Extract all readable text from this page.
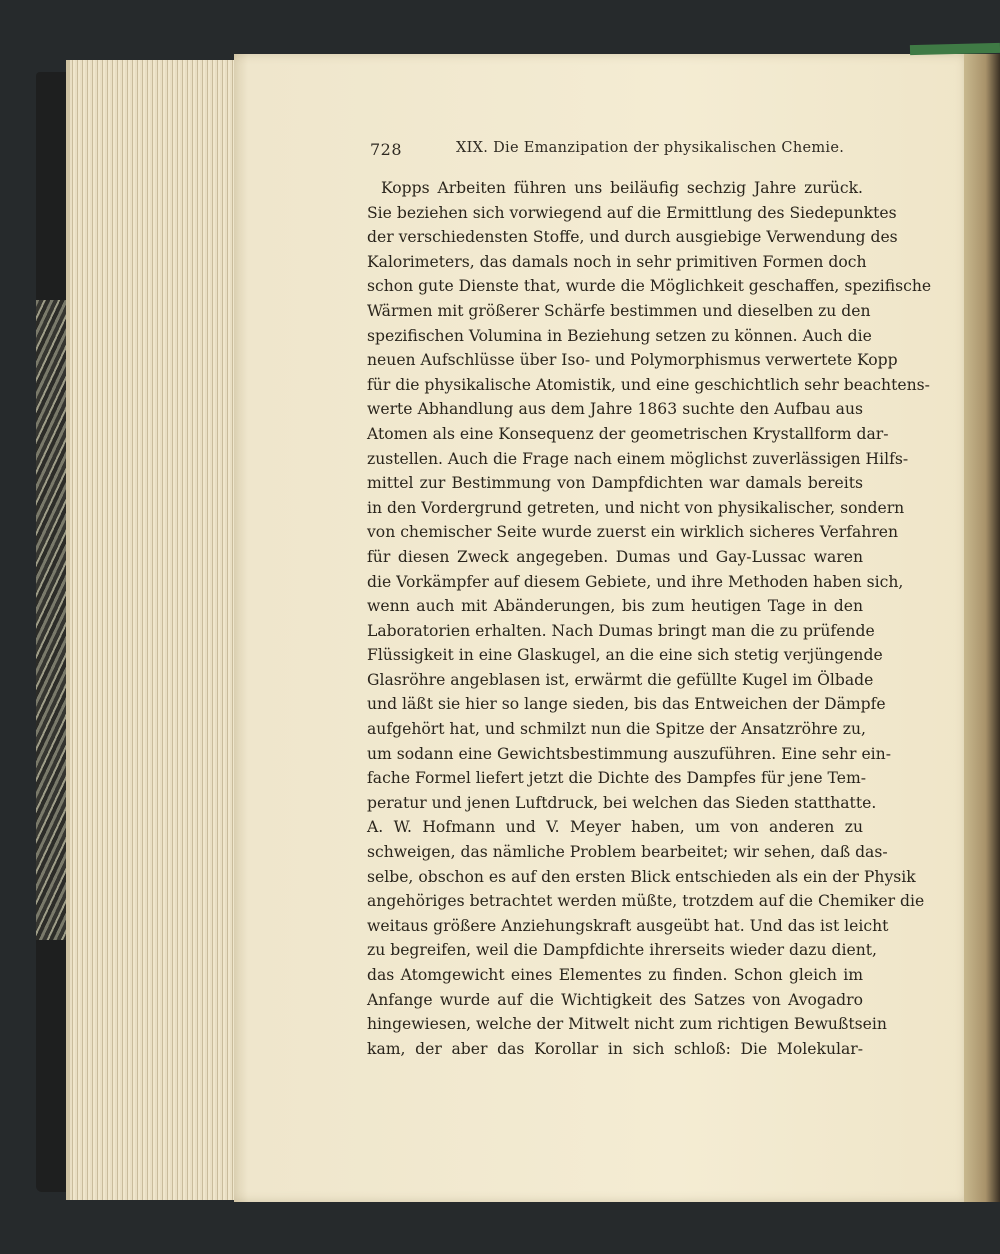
728	XIX. Die Emanzipation der physikalischen Chemie.
Kopps Arbeiten führen uns beiläufig sechzig Jahre zurück.
Sie beziehen sich vorwiegend auf die Ermittlung des Siedepunktes
der verschiedensten Stoffe, und durch ausgiebige Verwendung des
Kalorimeters, das damals noch in sehr primitiven Formen doch
schon gute Dienste that, wurde die Möglichkeit geschaffen, spezifische
Wärmen mit größerer Schärfe bestimmen und dieselben zu den
spezifischen Volumina in Beziehung setzen zu können. Auch die
neuen Aufschlüsse über Iso- und Polymorphismus verwertete Kopp
für die physikalische Atomistik, und eine geschichtlich sehr beachtens-
werte Abhandlung aus dem Jahre 1863 suchte den Aufbau aus
Atomen als eine Konsequenz der geometrischen Krystallform dar-
zustellen. Auch die Frage nach einem möglichst zuverlässigen Hilfs-
mittel zur Bestimmung von Dampfdichten war damals bereits
in den Vordergrund getreten, und nicht von physikalischer, sondern
von chemischer Seite wurde zuerst ein wirklich sicheres Verfahren
für diesen Zweck angegeben. Dumas und Gay-Lussac waren
die Vorkämpfer auf diesem Gebiete, und ihre Methoden haben sich,
wenn auch mit Abänderungen, bis zum heutigen Tage in den
Laboratorien erhalten. Nach Dumas bringt man die zu prüfende
Flüssigkeit in eine Glaskugel, an die eine sich stetig verjüngende
Glasröhre angeblasen ist, erwärmt die gefüllte Kugel im Ölbade
und läßt sie hier so lange sieden, bis das Entweichen der Dämpfe
aufgehört hat, und schmilzt nun die Spitze der Ansatzröhre zu,
um sodann eine Gewichtsbestimmung auszuführen. Eine sehr ein-
fache Formel liefert jetzt die Dichte des Dampfes für jene Tem-
peratur und jenen Luftdruck, bei welchen das Sieden statthatte.
A. W. Hofmann und V. Meyer haben, um von anderen zu
schweigen, das nämliche Problem bearbeitet; wir sehen, daß das-
selbe, obschon es auf den ersten Blick entschieden als ein der Physik
angehöriges betrachtet werden müßte, trotzdem auf die Chemiker die
weitaus größere Anziehungskraft ausgeübt hat. Und das ist leicht
zu begreifen, weil die Dampfdichte ihrerseits wieder dazu dient,
das Atomgewicht eines Elementes zu finden. Schon gleich im
Anfange wurde auf die Wichtigkeit des Satzes von Avogadro
hingewiesen, welche der Mitwelt nicht zum richtigen Bewußtsein
kam, der aber das Korollar in sich schloß: Die Molekular-
